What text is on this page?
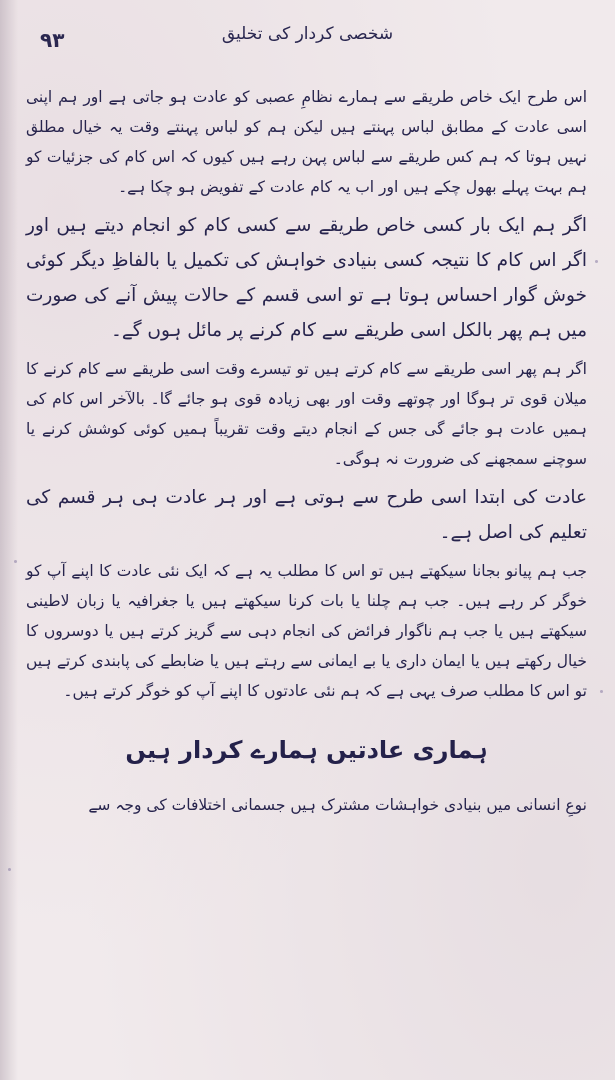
۹۳	شخصی کردار کی تخلیق

اس طرح ایک خاص طریقے سے ہمارے نظامِ عصبی کو عادت ہو جاتی ہے اور ہم اپنی اسی عادت کے مطابق لباس پہنتے ہیں لیکن ہم کو لباس پہنتے وقت یہ خیال مطلق نہیں ہوتا کہ ہم کس طریقے سے لباس پہن رہے ہیں کیوں کہ اس کام کی جزئیات کو ہم بہت پہلے بھول چکے ہیں اور اب یہ کام عادت کے تفویض ہو چکا ہے۔

اگر ہم ایک بار کسی خاص طریقے سے کسی کام کو انجام دیتے ہیں اور اگر اس کام کا نتیجہ کسی بنیادی خواہش کی تکمیل یا بالفاظِ دیگر کوئی خوش گوار احساس ہوتا ہے تو اسی قسم کے حالات پیش آنے کی صورت میں ہم پھر بالکل اسی طریقے سے کام کرنے پر مائل ہوں گے۔

اگر ہم پھر اسی طریقے سے کام کرتے ہیں تو تیسرے وقت اسی طریقے سے کام کرنے کا میلان قوی تر ہوگا اور چوتھے وقت اور بھی زیادہ قوی ہو جائے گا۔ بالآخر اس کام کی ہمیں عادت ہو جائے گی جس کے انجام دیتے وقت تقریباً ہمیں کوئی کوشش کرنے یا سوچنے سمجھنے کی ضرورت نہ ہوگی۔

عادت کی ابتدا اسی طرح سے ہوتی ہے اور ہر عادت ہی ہر قسم کی تعلیم کی اصل ہے۔

جب ہم پیانو بجانا سیکھتے ہیں تو اس کا مطلب یہ ہے کہ ایک نئی عادت کا اپنے آپ کو خوگر کر رہے ہیں۔ جب ہم چلنا یا بات کرنا سیکھتے ہیں یا جغرافیہ یا زبان لاطینی سیکھتے ہیں یا جب ہم ناگوار فرائض کی انجام دہی سے گریز کرتے ہیں یا دوسروں کا خیال رکھتے ہیں یا ایمان داری یا بے ایمانی سے رہتے ہیں یا ضابطے کی پابندی کرتے ہیں تو اس کا مطلب صرف یہی ہے کہ ہم نئی عادتوں کا اپنے آپ کو خوگر کرتے ہیں۔

ہماری عادتیں ہمارے کردار ہیں

نوعِ انسانی میں بنیادی خواہشات مشترک ہیں جسمانی اختلافات کی وجہ سے
